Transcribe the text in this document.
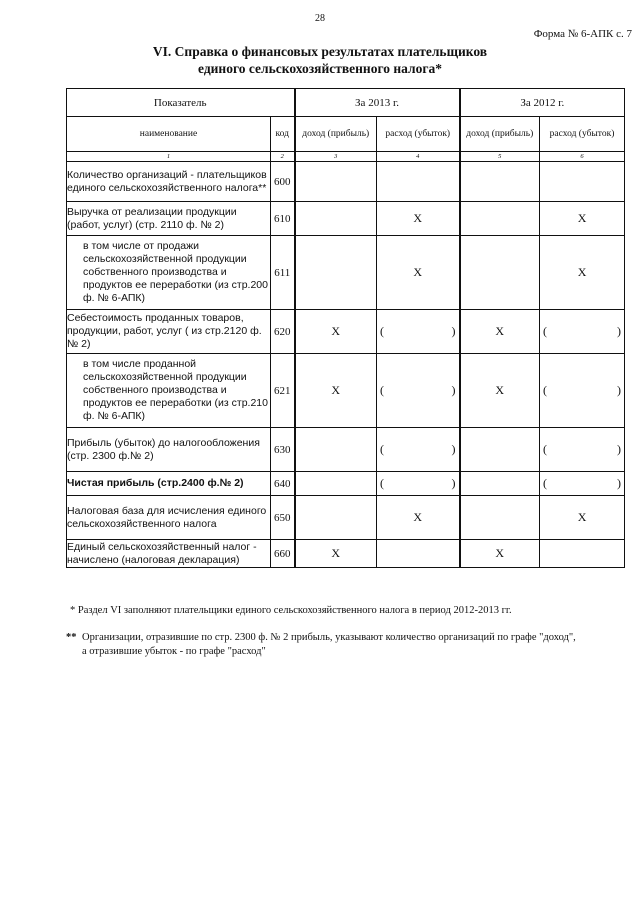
28
Форма № 6-АПК с. 7
VI. Справка о финансовых результатах плательщиков
единого сельскохозяйственного налога*
Показатель		За 2013 г.		За 2012 г.	
наименование	код	доход (прибыль)	расход (убыток)	доход (прибыль)	расход (убыток)
1	2	3	4	5	6
Количество организаций - плательщиков единого сельскохозяйственного налога**	600				
Выручка от реализации продукции (работ, услуг) (стр. 2110 ф. № 2)	610		X		X
в том числе от продажи сельскохозяйственной продукции собственного производства и продуктов ее переработки (из стр.200 ф. № 6-АПК)	611		X		X
Себестоимость проданных товаров, продукции, работ, услуг ( из стр.2120 ф. № 2)	620	X	( )	X	( )

в том числе проданной сельскохозяйственной продукции собственного производства и продуктов ее переработки (из стр.210 ф. № 6-АПК)	621	X	( )	X	( )

Прибыль (убыток) до налогообложения (стр. 2300 ф.№ 2)	630		( )		( )

Чистая прибыль (стр.2400 ф.№ 2)	640		( )		( )

Налоговая база для исчисления единого сельскохозяйственного налога	650		X		X
Единый сельскохозяйственный налог - начислено (налоговая декларация)	660	X		X	
* Раздел VI заполняют плательщики единого сельскохозяйственного налога в период 2012-2013 гг.
** Организации, отразившие по стр. 2300 ф. № 2 прибыль, указывают количество организаций по графе "доход",
а отразившие убыток - по графе "расход"
